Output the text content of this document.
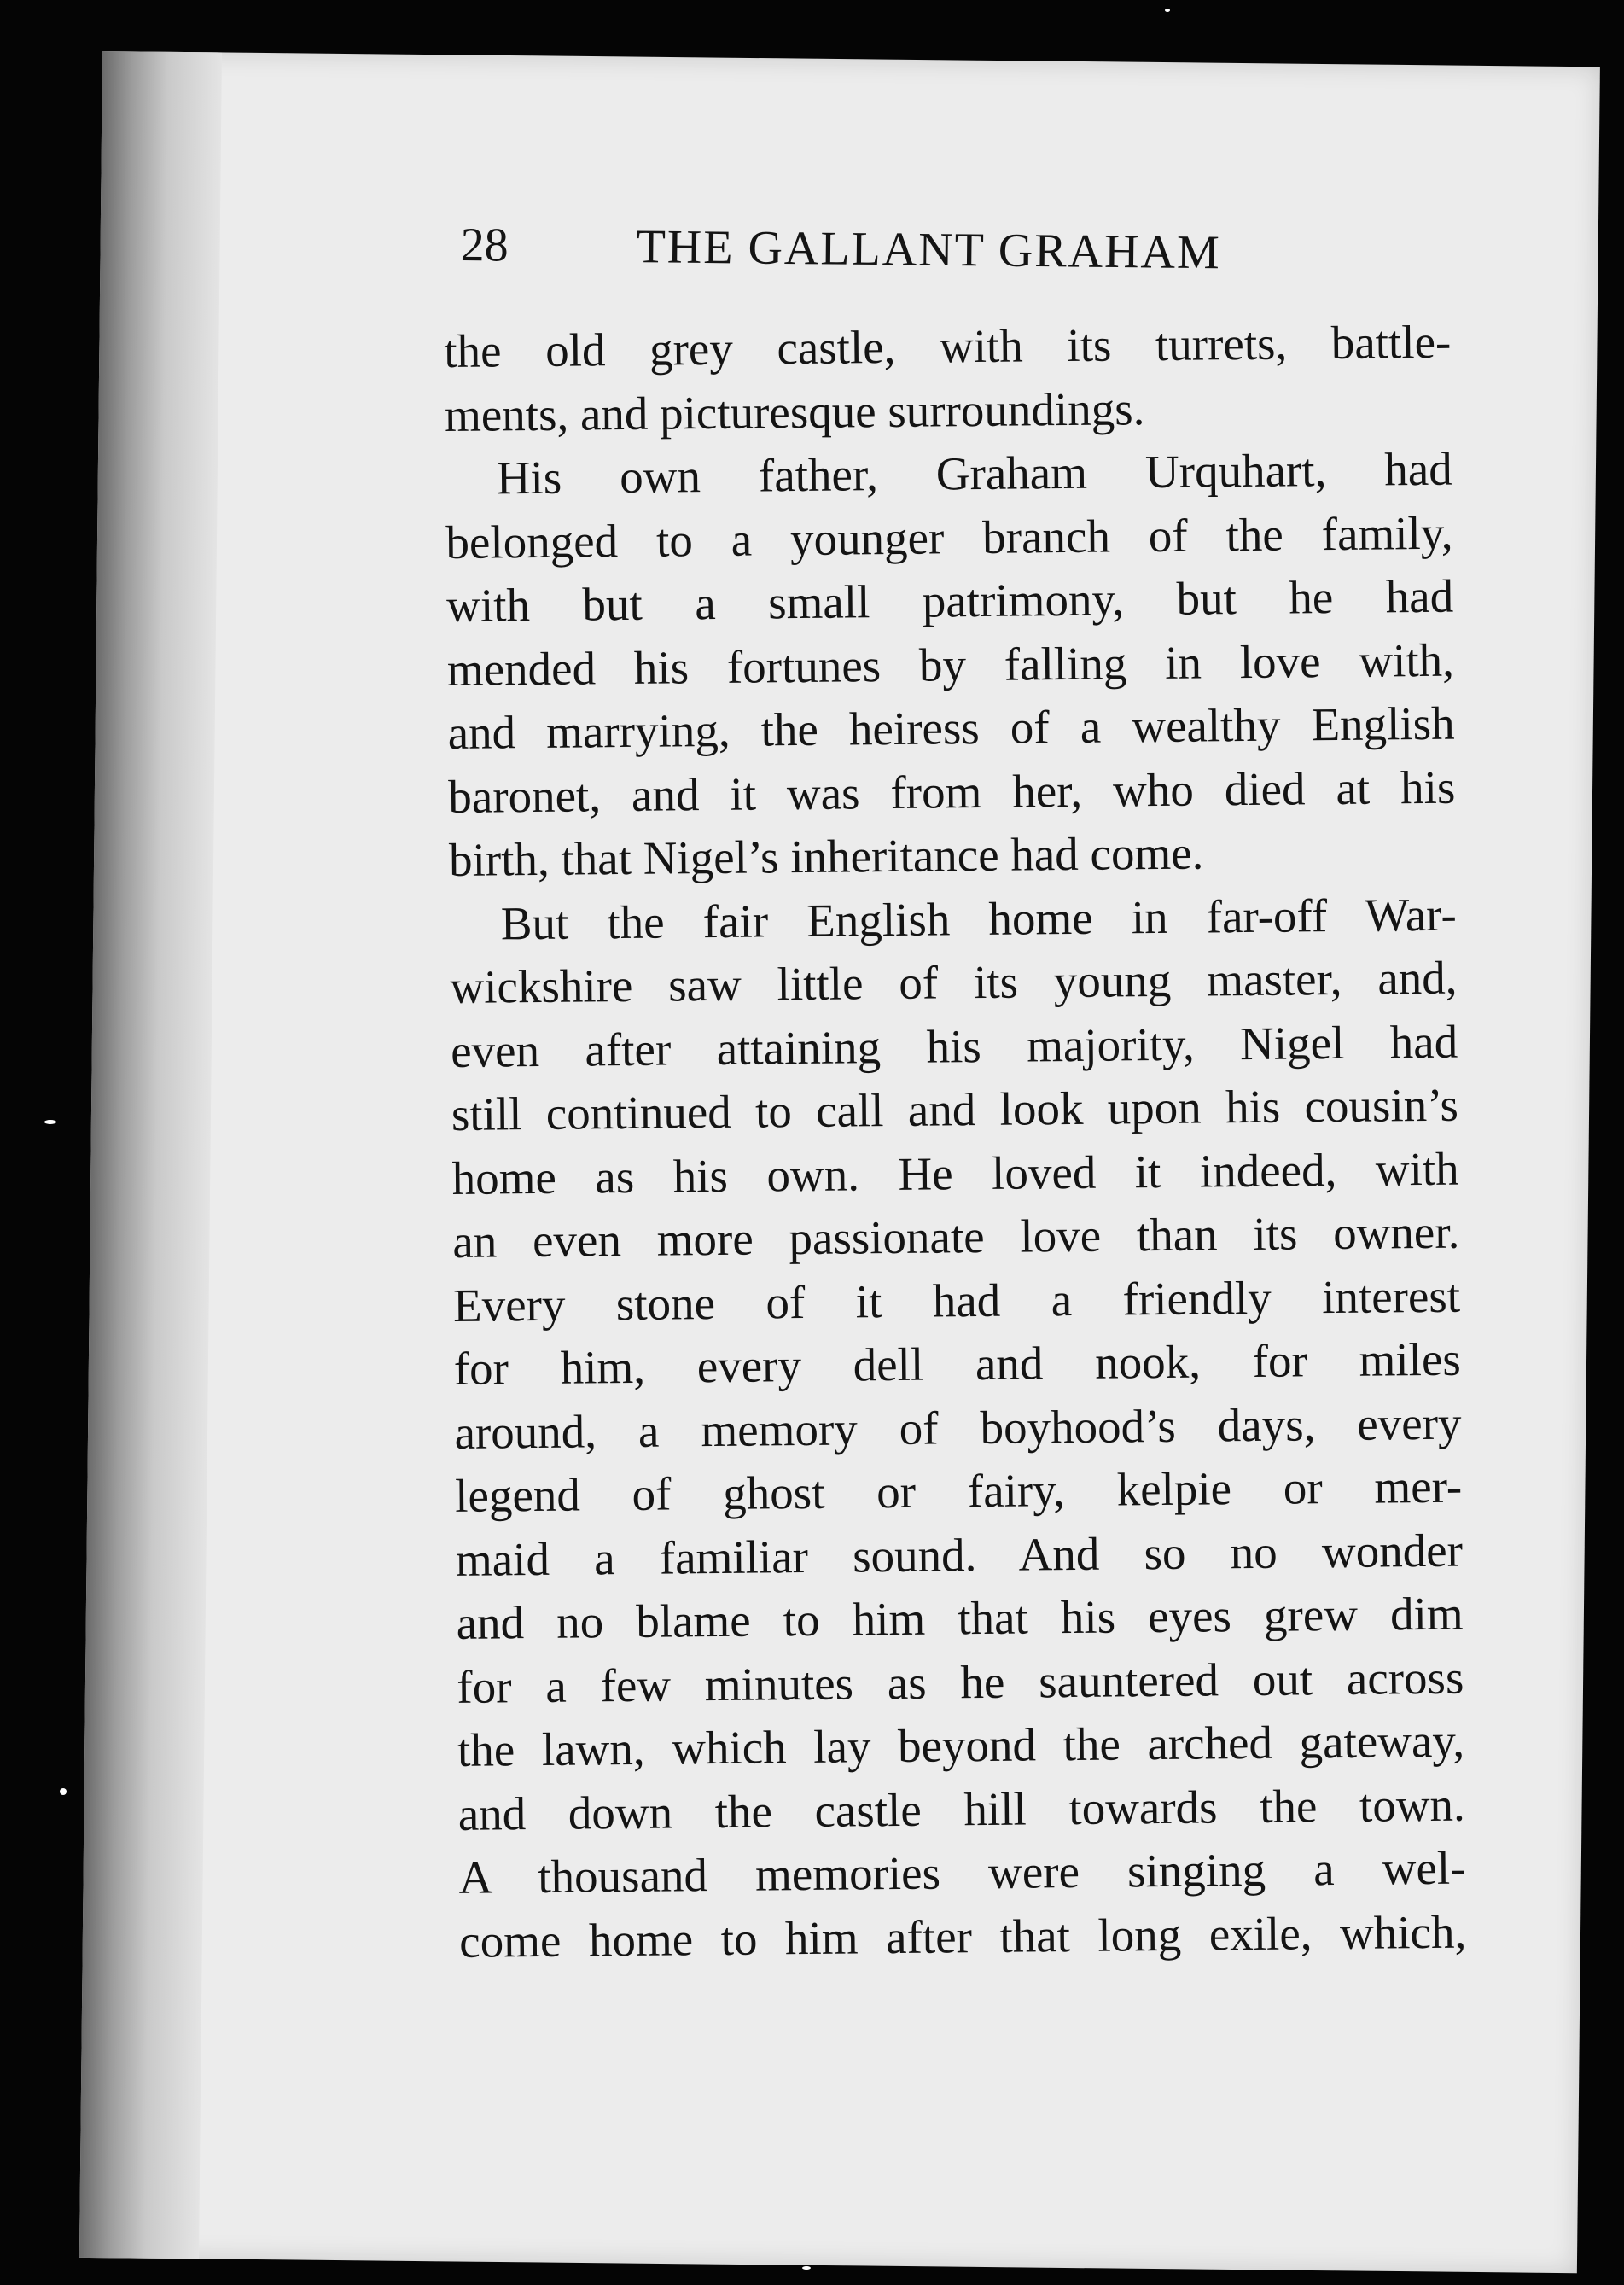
28	THE GALLANT GRAHAM
the old grey castle, with its turrets, battle-
ments, and picturesque surroundings.
His own father, Graham Urquhart, had
belonged to a younger branch of the family,
with but a small patrimony, but he had
mended his fortunes by falling in love with,
and marrying, the heiress of a wealthy English
baronet, and it was from her, who died at his
birth, that Nigel’s inheritance had come.
But the fair English home in far-off War-
wickshire saw little of its young master, and,
even after attaining his majority, Nigel had
still continued to call and look upon his cousin’s
home as his own. He loved it indeed, with
an even more passionate love than its owner.
Every stone of it had a friendly interest
for him, every dell and nook, for miles
around, a memory of boyhood’s days, every
legend of ghost or fairy, kelpie or mer-
maid a familiar sound. And so no wonder
and no blame to him that his eyes grew dim
for a few minutes as he sauntered out across
the lawn, which lay beyond the arched gateway,
and down the castle hill towards the town.
A thousand memories were singing a wel-
come home to him after that long exile, which,
